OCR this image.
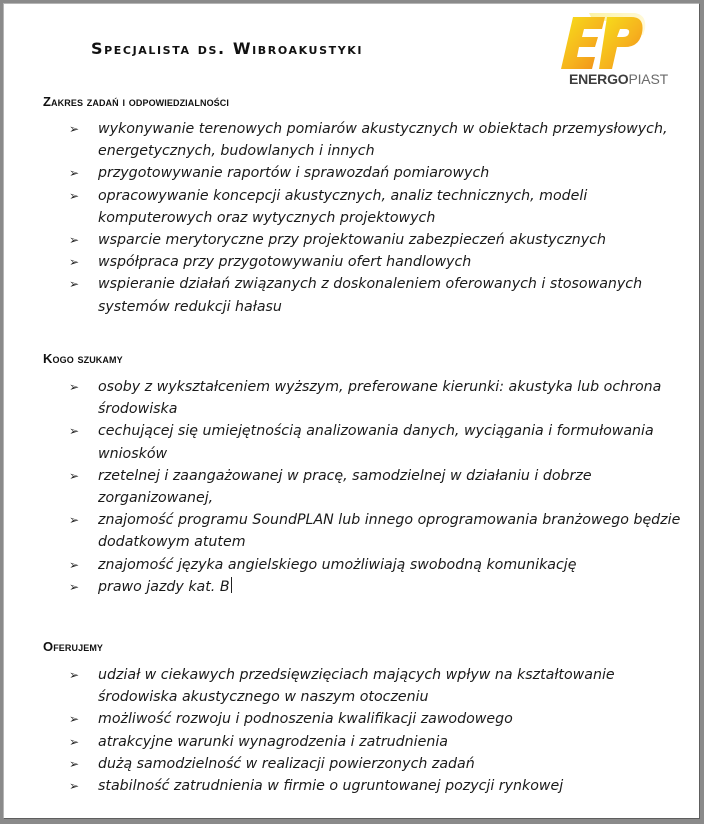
Specjalista ds. Wibroakustyki
ENERGOPIAST
Zakres zadań i odpowiedzialności
➢ wykonywanie terenowych pomiarów akustycznych w obiektach przemysłowych, energetycznych, budowlanych i innych
➢ przygotowywanie raportów i sprawozdań pomiarowych
➢ opracowywanie koncepcji akustycznych, analiz technicznych, modeli komputerowych oraz wytycznych projektowych
➢ wsparcie merytoryczne przy projektowaniu zabezpieczeń akustycznych
➢ współpraca przy przygotowywaniu ofert handlowych
➢ wspieranie działań związanych z doskonaleniem oferowanych i stosowanych systemów redukcji hałasu
Kogo szukamy
➢ osoby z wykształceniem wyższym, preferowane kierunki: akustyka lub ochrona środowiska
➢ cechującej się umiejętnością analizowania danych, wyciągania i formułowania wniosków
➢ rzetelnej i zaangażowanej w pracę, samodzielnej w działaniu i dobrze zorganizowanej,
➢ znajomość programu SoundPLAN lub innego oprogramowania branżowego będzie dodatkowym atutem
➢ znajomość języka angielskiego umożliwiają swobodną komunikację
➢ prawo jazdy kat. B
Oferujemy
➢ udział w ciekawych przedsięwzięciach mających wpływ na kształtowanie środowiska akustycznego w naszym otoczeniu
➢ możliwość rozwoju i podnoszenia kwalifikacji zawodowego
➢ atrakcyjne warunki wynagrodzenia i zatrudnienia
➢ dużą samodzielność w realizacji powierzonych zadań
➢ stabilność zatrudnienia w firmie o ugruntowanej pozycji rynkowej
